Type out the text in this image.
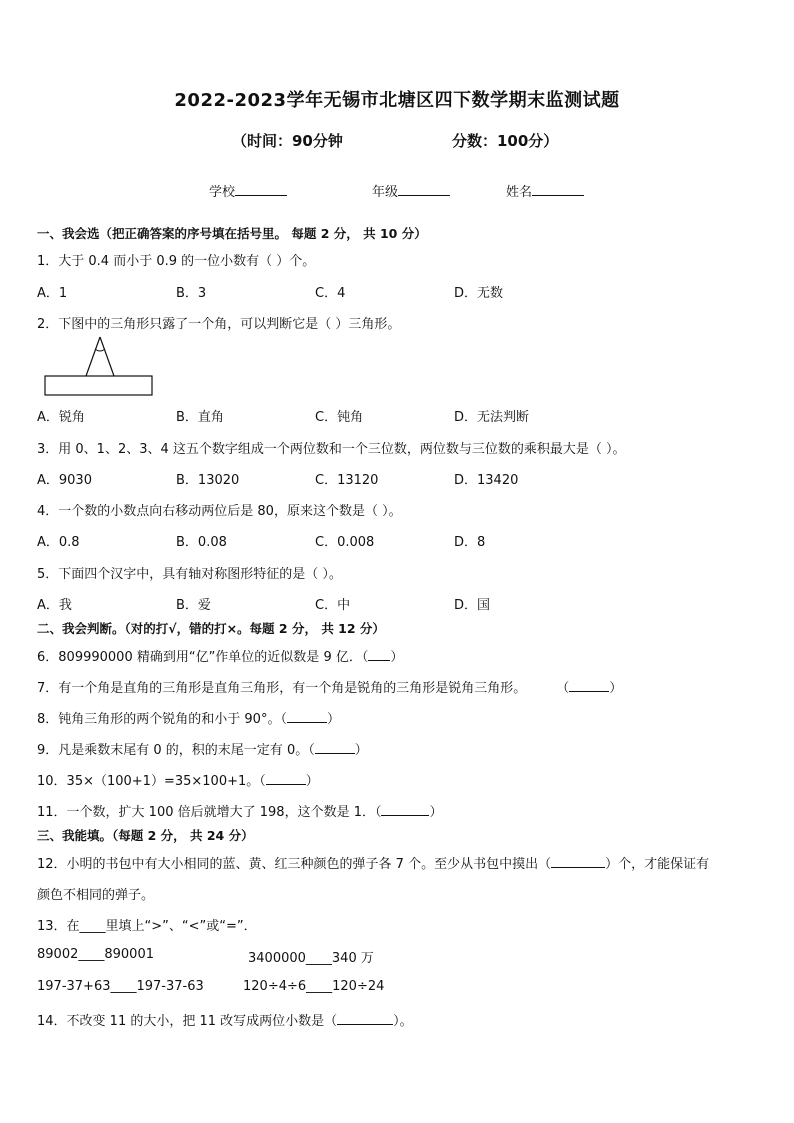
2022-2023学年无锡市北塘区四下数学期末监测试题
（时间：90分钟	分数：100分）
学校	年级	姓名
一、我会选（把正确答案的序号填在括号里。 每题 2 分， 共 10 分）
1．大于 0.4 而小于 0.9 的一位小数有（ ）个。
A．1	B．3	C．4	D．无数
2．下图中的三角形只露了一个角，可以判断它是（ ）三角形。
A．锐角	B．直角	C．钝角	D．无法判断
3．用 0、1、2、3、4 这五个数字组成一个两位数和一个三位数，两位数与三位数的乘积最大是（ ）。
A．9030	B．13020	C．13120	D．13420
4．一个数的小数点向右移动两位后是 80，原来这个数是（ ）。
A．0.8	B．0.08	C．0.008	D．8
5．下面四个汉字中，具有轴对称图形特征的是（ ）。
A．我	B．爱	C．中	D．国
二、我会判断。（对的打√，错的打×。每题 2 分， 共 12 分）
6．809990000 精确到用“亿”作单位的近似数是 9 亿．（ ）
7．有一个角是直角的三角形是直角三角形，有一个角是锐角的三角形是锐角三角形。 （	）
8．钝角三角形的两个锐角的和小于 90°。（	）
9．凡是乘数末尾有 0 的，积的末尾一定有 0。（	）
10．35×（100+1）=35×100+1。（	）
11．一个数，扩大 100 倍后就增大了 198，这个数是 1．（	）
三、我能填。（每题 2 分， 共 24 分）
12．小明的书包中有大小相同的蓝、黄、红三种颜色的弹子各 7 个。至少从书包中摸出（	）个，才能保证有
颜色不相同的弹子。
13．在____里填上“>”、“<”或“=”．
89002____890001	3400000____340 万
197-37+63____197-37-63	120÷4÷6____120÷24
14．不改变 11 的大小，把 11 改写成两位小数是（	）。
